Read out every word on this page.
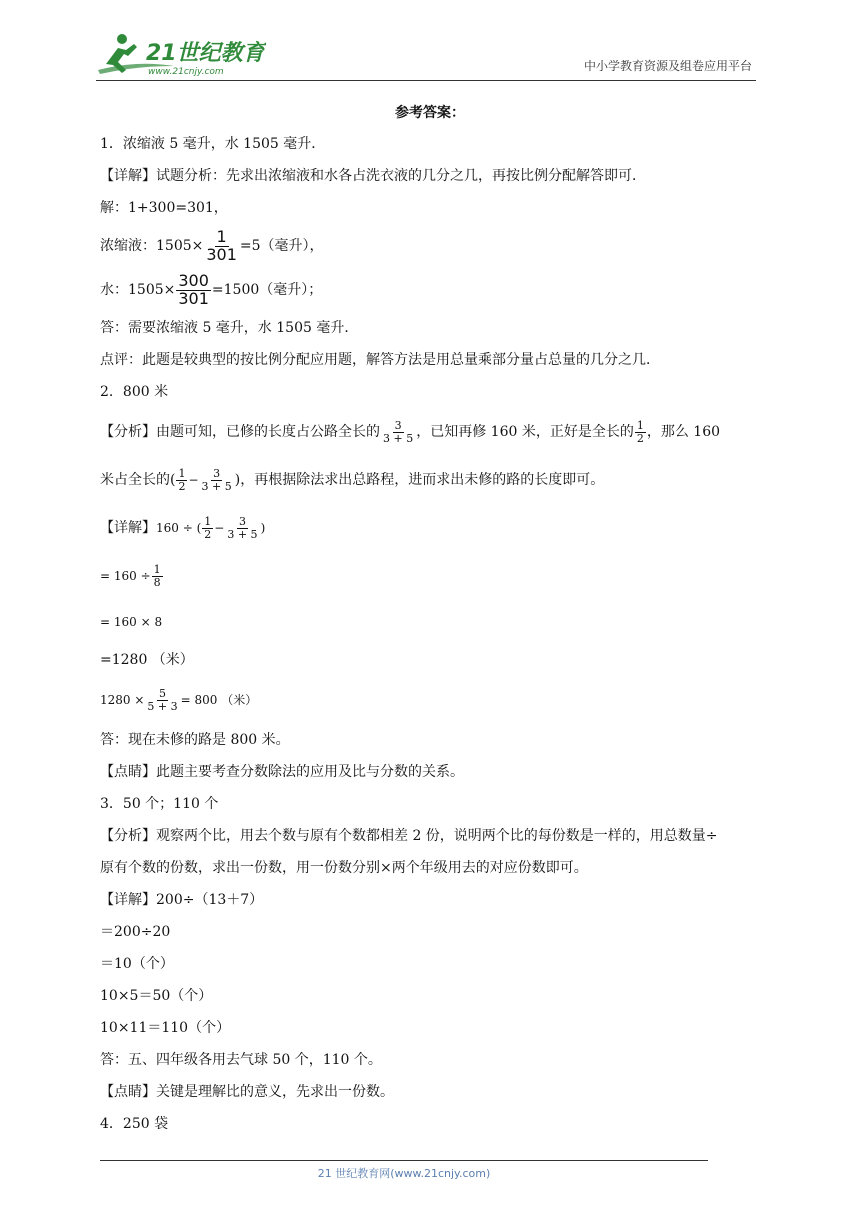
21世纪教育
www.21cnjy.com	中小学教育资源及组卷应用平台
参考答案：
1．浓缩液 5 毫升，水 1505 毫升．
【详解】试题分析：先求出浓缩液和水各占洗衣液的几分之几，再按比例分配解答即可．
解：1+300=301，
浓缩液：$1505\times \frac{1}{301} =5$（毫升），
水：$1505\times \frac{300}{301} =1500$（毫升）；
答：需要浓缩液 5 毫升，水 1505 毫升．
点评：此题是较典型的按比例分配应用题，解答方法是用总量乘部分量占总量的几分之几．
2．800 米
【分析】由题可知，已修的长度占公路全长的 $\frac{3}{3 + 5}$ ，已知再修 160 米，正好是全长的 $\frac{1}{2}$ ，那么 160
米占全长的( $\frac{1}{2} - \frac{3}{3 + 5}$ )，再根据除法求出总路程，进而求出未修的路的长度即可。
【详解】160 ÷ ( $\frac{1}{2} - \frac{3}{3 + 5}$ )
= $160 \div \frac{1}{8}$
= 160 × 8
=1280 （米）
$1280 \times \frac{5}{5 + 3} = 800$ （米）
答：现在未修的路是 800 米。
【点睛】此题主要考查分数除法的应用及比与分数的关系。
3．50 个；110 个
【分析】观察两个比，用去个数与原有个数都相差 2 份，说明两个比的每份数是一样的，用总数量÷
原有个数的份数，求出一份数，用一份数分别×两个年级用去的对应份数即可。
【详解】200÷（13＋7）
＝200÷20
＝10（个）
10×5＝50（个）
10×11＝110（个）
答：五、四年级各用去气球 50 个，110 个。
【点睛】关键是理解比的意义，先求出一份数。
4．250 袋
21 世纪教育网(www.21cnjy.com)
